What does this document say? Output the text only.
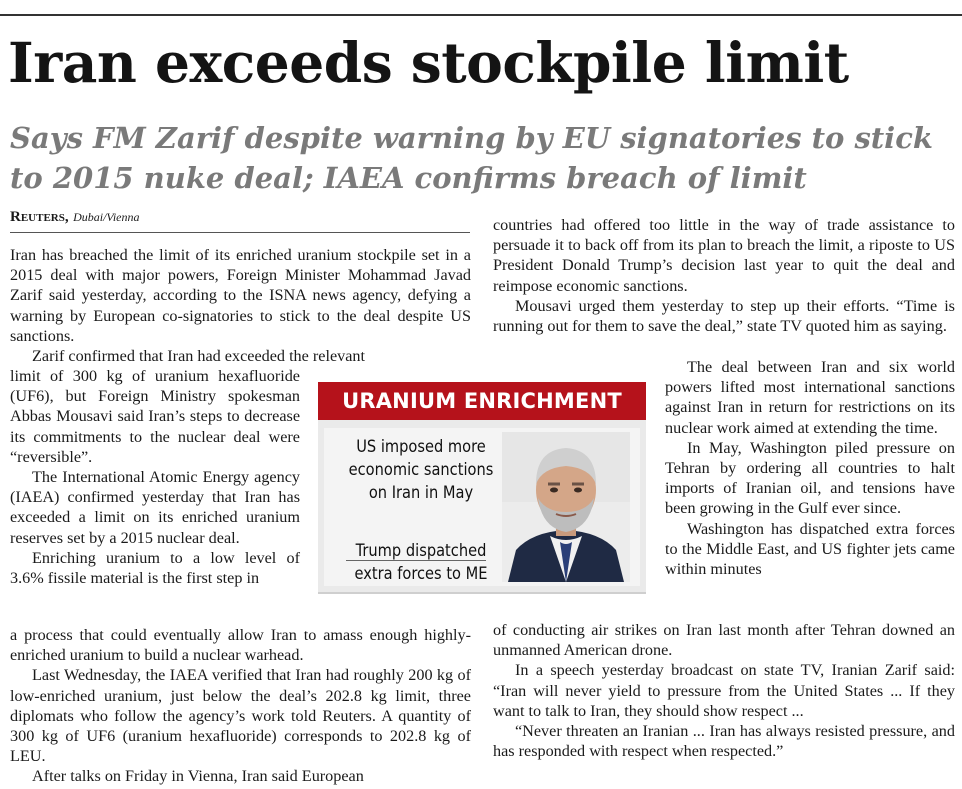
Iran exceeds stockpile limit
Says FM Zarif despite warning by EU signatories to stick to 2015 nuke deal; IAEA confirms breach of limit
Reuters, Dubai/Vienna

Iran has breached the limit of its enriched uranium stockpile set in a 2015 deal with major powers, Foreign Minister Mohammad Javad Zarif said yesterday, according to the ISNA news agency, defying a warning by European co-signatories to stick to the deal despite US sanctions.

Zarif confirmed that Iran had exceeded the relevant

limit of 300 kg of uranium hexafluoride (UF6), but Foreign Ministry spokesman Abbas Mousavi said Iran’s steps to decrease its commitments to the nuclear deal were “reversible”.

The International Atomic Energy agency (IAEA) confirmed yesterday that Iran has exceeded a limit on its enriched uranium reserves set by a 2015 nuclear deal.

Enriching uranium to a low level of 3.6% fissile material is the first step in

a process that could eventually allow Iran to amass enough highly-enriched uranium to build a nuclear warhead.

Last Wednesday, the IAEA verified that Iran had roughly 200 kg of low-enriched uranium, just below the deal’s 202.8 kg limit, three diplomats who follow the agency’s work told Reuters. A quantity of 300 kg of UF6 (uranium hexafluoride) corresponds to 202.8 kg of LEU.

After talks on Friday in Vienna, Iran said European

countries had offered too little in the way of trade assistance to persuade it to back off from its plan to breach the limit, a riposte to US President Donald Trump’s decision last year to quit the deal and reimpose economic sanctions.

Mousavi urged them yesterday to step up their efforts. “Time is running out for them to save the deal,” state TV quoted him as saying.

The deal between Iran and six world powers lifted most international sanctions against Iran in return for restrictions on its nuclear work aimed at extending the time.

In May, Washington piled pressure on Tehran by ordering all countries to halt imports of Iranian oil, and tensions have been growing in the Gulf ever since.

Washington has dispatched extra forces to the Middle East, and US fighter jets came within minutes

of conducting air strikes on Iran last month after Tehran downed an unmanned American drone.

In a speech yesterday broadcast on state TV, Iranian Zarif said: “Iran will never yield to pressure from the United States ... If they want to talk to Iran, they should show respect ...

“Never threaten an Iranian ... Iran has always resisted pressure, and has responded with respect when respected.”

URANIUM ENRICHMENT
US imposed more economic sanctions on Iran in May
Trump dispatched extra forces to ME
